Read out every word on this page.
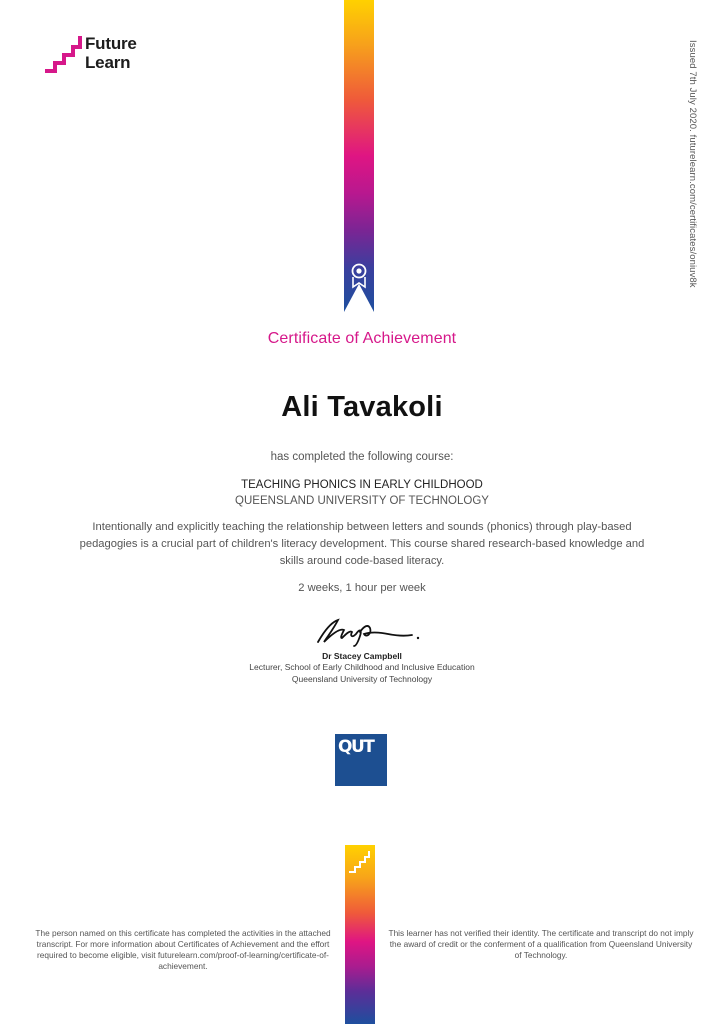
Future
Learn	Issued 7th July 2020. futurelearn.com/certificates/oniuv8k
Certificate of Achievement
Ali Tavakoli
has completed the following course:
TEACHING PHONICS IN EARLY CHILDHOOD
QUEENSLAND UNIVERSITY OF TECHNOLOGY
Intentionally and explicitly teaching the relationship between letters and sounds (phonics) through play-based pedagogies is a crucial part of children's literacy development. This course shared research-based knowledge and skills around code-based literacy.
2 weeks, 1 hour per week
Dr Stacey Campbell
Lecturer, School of Early Childhood and Inclusive Education
Queensland University of Technology
QUT
The person named on this certificate has completed the activities in the attached transcript. For more information about Certificates of Achievement and the effort required to become eligible, visit futurelearn.com/proof-of-learning/certificate-of-achievement.
This learner has not verified their identity. The certificate and transcript do not imply the award of credit or the conferment of a qualification from Queensland University of Technology.
